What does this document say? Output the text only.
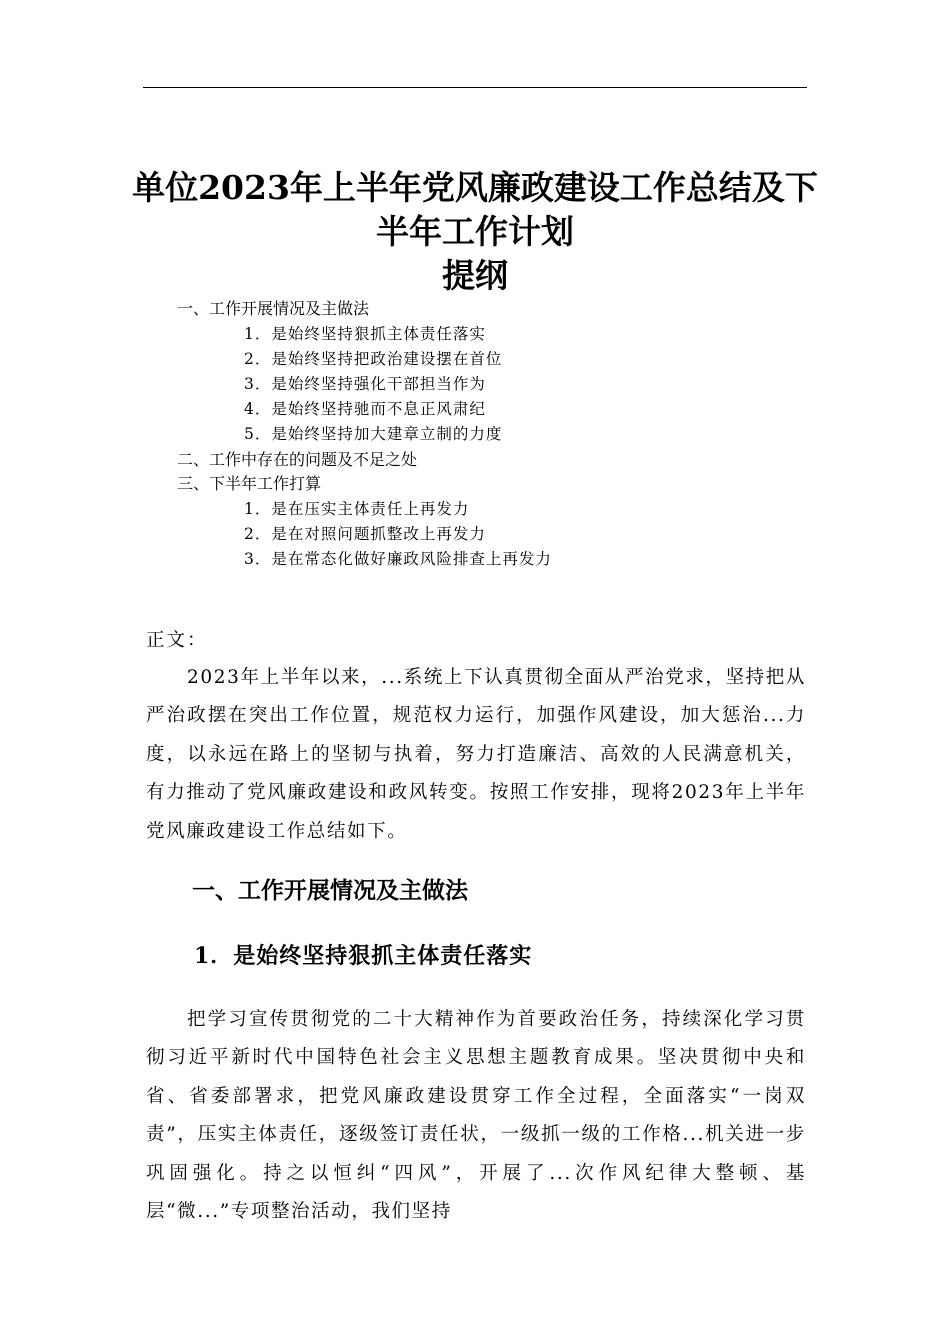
单位2023年上半年党风廉政建设工作总结及下
半年工作计划
提纲
一、工作开展情况及主做法
1．是始终坚持狠抓主体责任落实
2．是始终坚持把政治建设摆在首位
3．是始终坚持强化干部担当作为
4．是始终坚持驰而不息正风肃纪
5．是始终坚持加大建章立制的力度
二、工作中存在的问题及不足之处
三、下半年工作打算
1．是在压实主体责任上再发力
2．是在对照问题抓整改上再发力
3．是在常态化做好廉政风险排查上再发力
正文：

2023年上半年以来，...系统上下认真贯彻全面从严治党求，坚持把从严治政摆在突出工作位置，规范权力运行，加强作风建设，加大惩治...力度，以永远在路上的坚韧与执着，努力打造廉洁、高效的人民满意机关，有力推动了党风廉政建设和政风转变。按照工作安排，现将2023年上半年党风廉政建设工作总结如下。

一、工作开展情况及主做法
1．是始终坚持狠抓主体责任落实

把学习宣传贯彻党的二十大精神作为首要政治任务，持续深化学习贯彻习近平新时代中国特色社会主义思想主题教育成果。坚决贯彻中央和省、省委部署求，把党风廉政建设贯穿工作全过程，全面落实“一岗双责”，压实主体责任，逐级签订责任状，一级抓一级的工作格...机关进一步巩固强化。持之以恒纠“四风”，开展了...次作风纪律大整顿、基层“微...”专项整治活动，我们坚持
